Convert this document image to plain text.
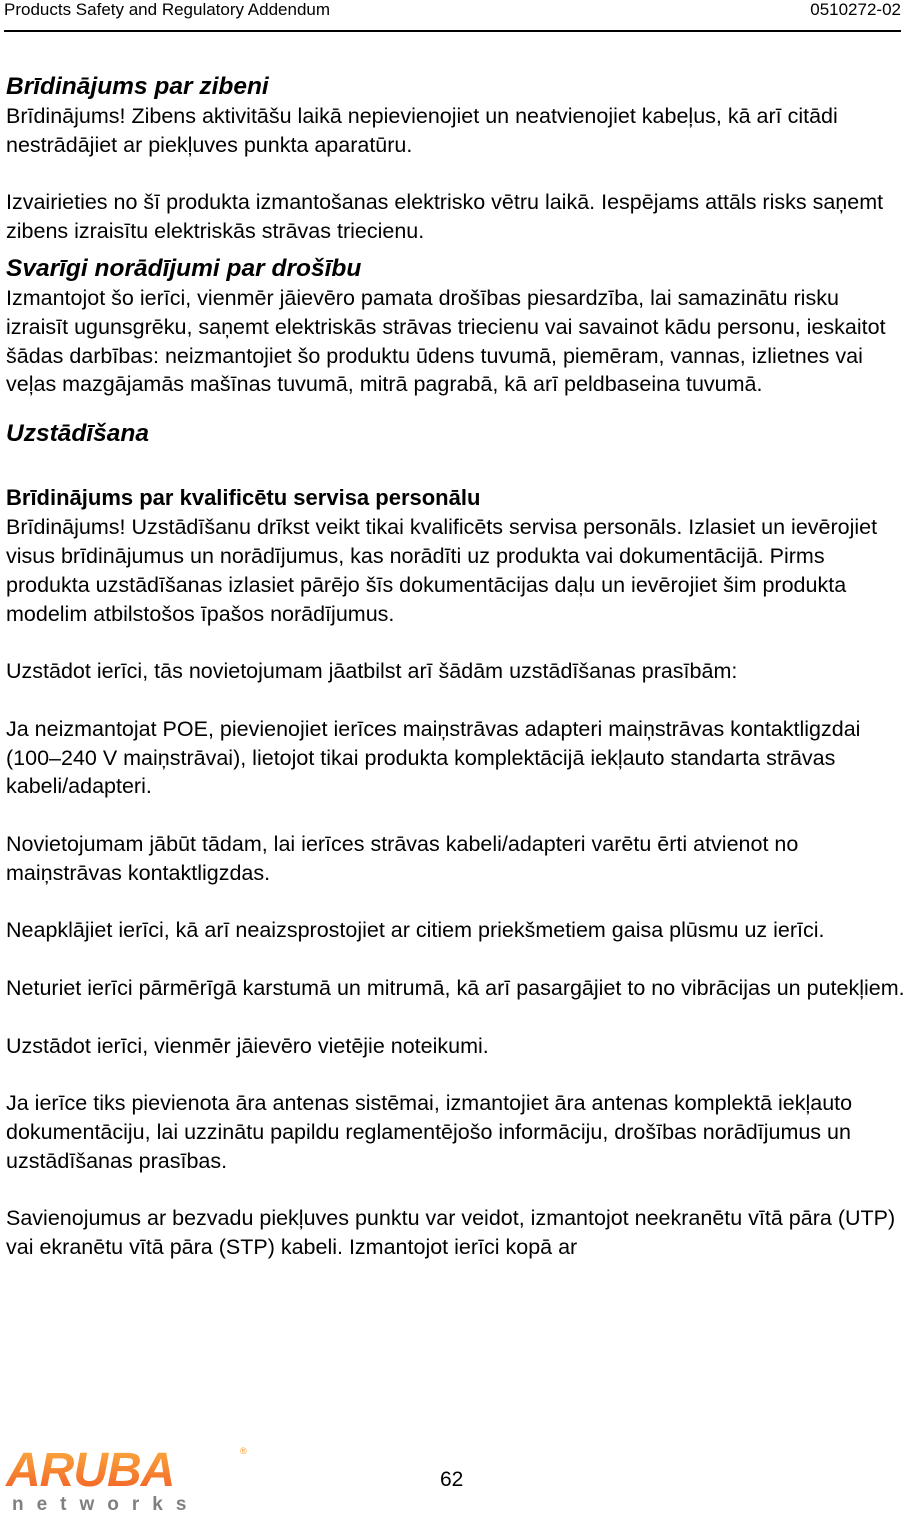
Products Safety and Regulatory Addendum	0510272-02
Brīdinājums par zibeni

Brīdinājums! Zibens aktivitāšu laikā nepievienojiet un neatvienojiet kabeļus, kā arī citādi nestrādājiet ar piekļuves punkta aparatūru.

Izvairieties no šī produkta izmantošanas elektrisko vētru laikā. Iespējams attāls risks saņemt zibens izraisītu elektriskās strāvas triecienu.

Svarīgi norādījumi par drošību

Izmantojot šo ierīci, vienmēr jāievēro pamata drošības piesardzība, lai samazinātu risku izraisīt ugunsgrēku, saņemt elektriskās strāvas triecienu vai savainot kādu personu, ieskaitot šādas darbības: neizmantojiet šo produktu ūdens tuvumā, piemēram, vannas, izlietnes vai veļas mazgājamās mašīnas tuvumā, mitrā pagrabā, kā arī peldbaseina tuvumā.

Uzstādīšana
Brīdinājums par kvalificētu servisa personālu

Brīdinājums! Uzstādīšanu drīkst veikt tikai kvalificēts servisa personāls. Izlasiet un ievērojiet visus brīdinājumus un norādījumus, kas norādīti uz produkta vai dokumentācijā. Pirms produkta uzstādīšanas izlasiet pārējo šīs dokumentācijas daļu un ievērojiet šim produkta modelim atbilstošos īpašos norādījumus.

Uzstādot ierīci, tās novietojumam jāatbilst arī šādām uzstādīšanas prasībām:

Ja neizmantojat POE, pievienojiet ierīces maiņstrāvas adapteri maiņstrāvas kontaktligzdai (100–240 V maiņstrāvai), lietojot tikai produkta komplektācijā iekļauto standarta strāvas kabeli/adapteri.

Novietojumam jābūt tādam, lai ierīces strāvas kabeli/adapteri varētu ērti atvienot no maiņstrāvas kontaktligzdas.

Neapklājiet ierīci, kā arī neaizsprostojiet ar citiem priekšmetiem gaisa plūsmu uz ierīci.

Neturiet ierīci pārmērīgā karstumā un mitrumā, kā arī pasargājiet to no vibrācijas un putekļiem.

Uzstādot ierīci, vienmēr jāievēro vietējie noteikumi.

Ja ierīce tiks pievienota āra antenas sistēmai, izmantojiet āra antenas komplektā iekļauto dokumentāciju, lai uzzinātu papildu reglamentējošo informāciju, drošības norādījumus un uzstādīšanas prasības.

Savienojumus ar bezvadu piekļuves punktu var veidot, izmantojot neekranētu vītā pāra (UTP) vai ekranētu vītā pāra (STP) kabeli. Izmantojot ierīci kopā ar

ARUBA	®
networks
62
